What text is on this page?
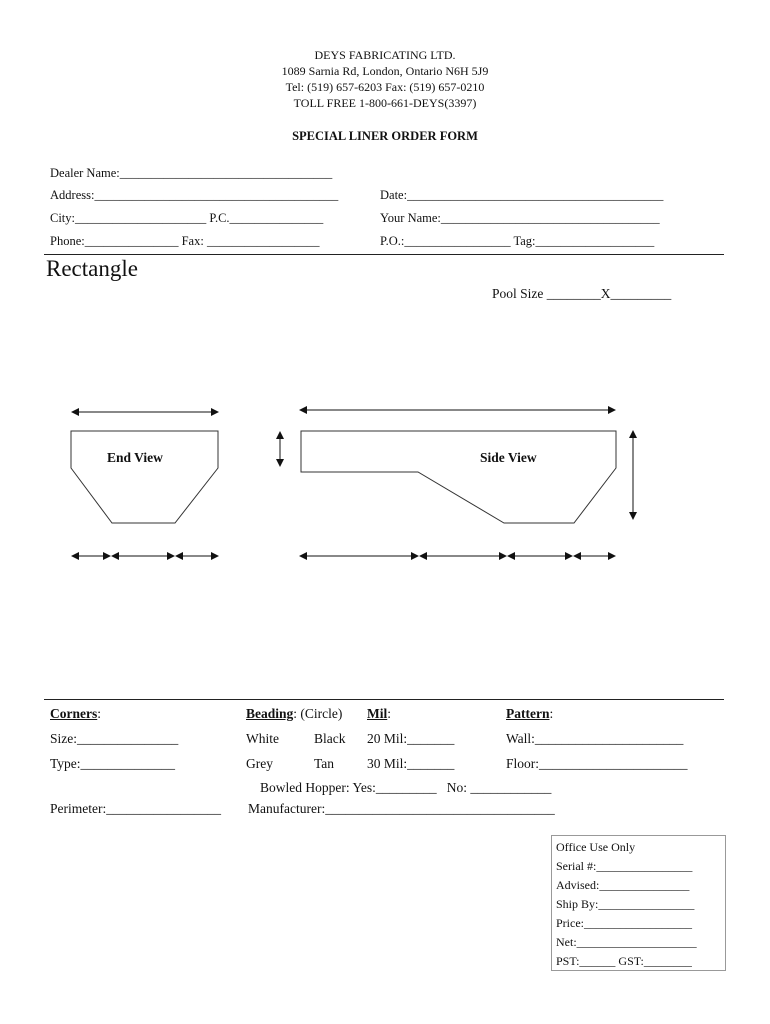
DEYS FABRICATING LTD.
1089 Sarnia Rd, London, Ontario N6H 5J9
Tel: (519) 657-6203 Fax: (519) 657-0210
TOLL FREE 1-800-661-DEYS(3397)
SPECIAL LINER ORDER FORM
Dealer Name:__________________________________
Address:_______________________________________	Date:_________________________________________
City:_____________________ P.C._______________	Your Name:___________________________________
Phone:_______________ Fax: __________________	P.O.:_________________ Tag:___________________
Rectangle
Pool Size ________X_________
End View	Side View
Corners:	Beading: (Circle) Mil:	Pattern:
Size:_______________	White	Black 20 Mil:_______	Wall:______________________
Type:______________	Grey	Tan 30 Mil:_______	Floor:______________________
Bowled Hopper: Yes:_________   No: ____________
Perimeter:_________________ Manufacturer:__________________________________
Office Use Only
Serial #:________________
Advised:_______________
Ship By:________________
Price:__________________
Net:____________________
PST:______ GST:________
